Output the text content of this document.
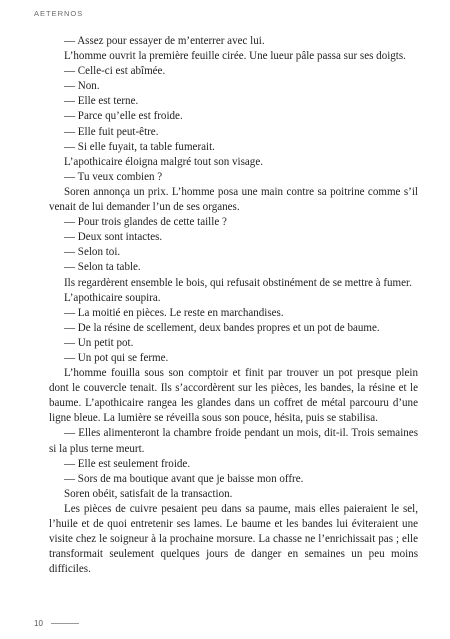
AETERNOS

— Assez pour essayer de m’enterrer avec lui.

L’homme ouvrit la première feuille cirée. Une lueur pâle passa sur ses doigts.

— Celle-ci est abîmée.

— Non.

— Elle est terne.

— Parce qu’elle est froide.

— Elle fuit peut-être.

— Si elle fuyait, ta table fumerait.

L’apothicaire éloigna malgré tout son visage.

— Tu veux combien ?

Soren annonça un prix. L’homme posa une main contre sa poitrine comme s’il venait de lui demander l’un de ses organes.

— Pour trois glandes de cette taille ?

— Deux sont intactes.

— Selon toi.

— Selon ta table.

Ils regardèrent ensemble le bois, qui refusait obstinément de se mettre à fumer.

L’apothicaire soupira.

— La moitié en pièces. Le reste en marchandises.

— De la résine de scellement, deux bandes propres et un pot de baume.

— Un petit pot.

— Un pot qui se ferme.

L’homme fouilla sous son comptoir et finit par trouver un pot presque plein dont le couvercle tenait. Ils s’accordèrent sur les pièces, les bandes, la résine et le baume. L’apothicaire rangea les glandes dans un coffret de métal parcouru d’une ligne bleue. La lumière se réveilla sous son pouce, hésita, puis se stabilisa.

— Elles alimenteront la chambre froide pendant un mois, dit-il. Trois semaines si la plus terne meurt.

— Elle est seulement froide.

— Sors de ma boutique avant que je baisse mon offre.

Soren obéit, satisfait de la transaction.

Les pièces de cuivre pesaient peu dans sa paume, mais elles paieraient le sel, l’huile et de quoi entretenir ses lames. Le baume et les bandes lui éviteraient une visite chez le soigneur à la prochaine morsure. La chasse ne l’enrichissait pas ; elle transformait seulement quelques jours de danger en semaines un peu moins difficiles.

10
